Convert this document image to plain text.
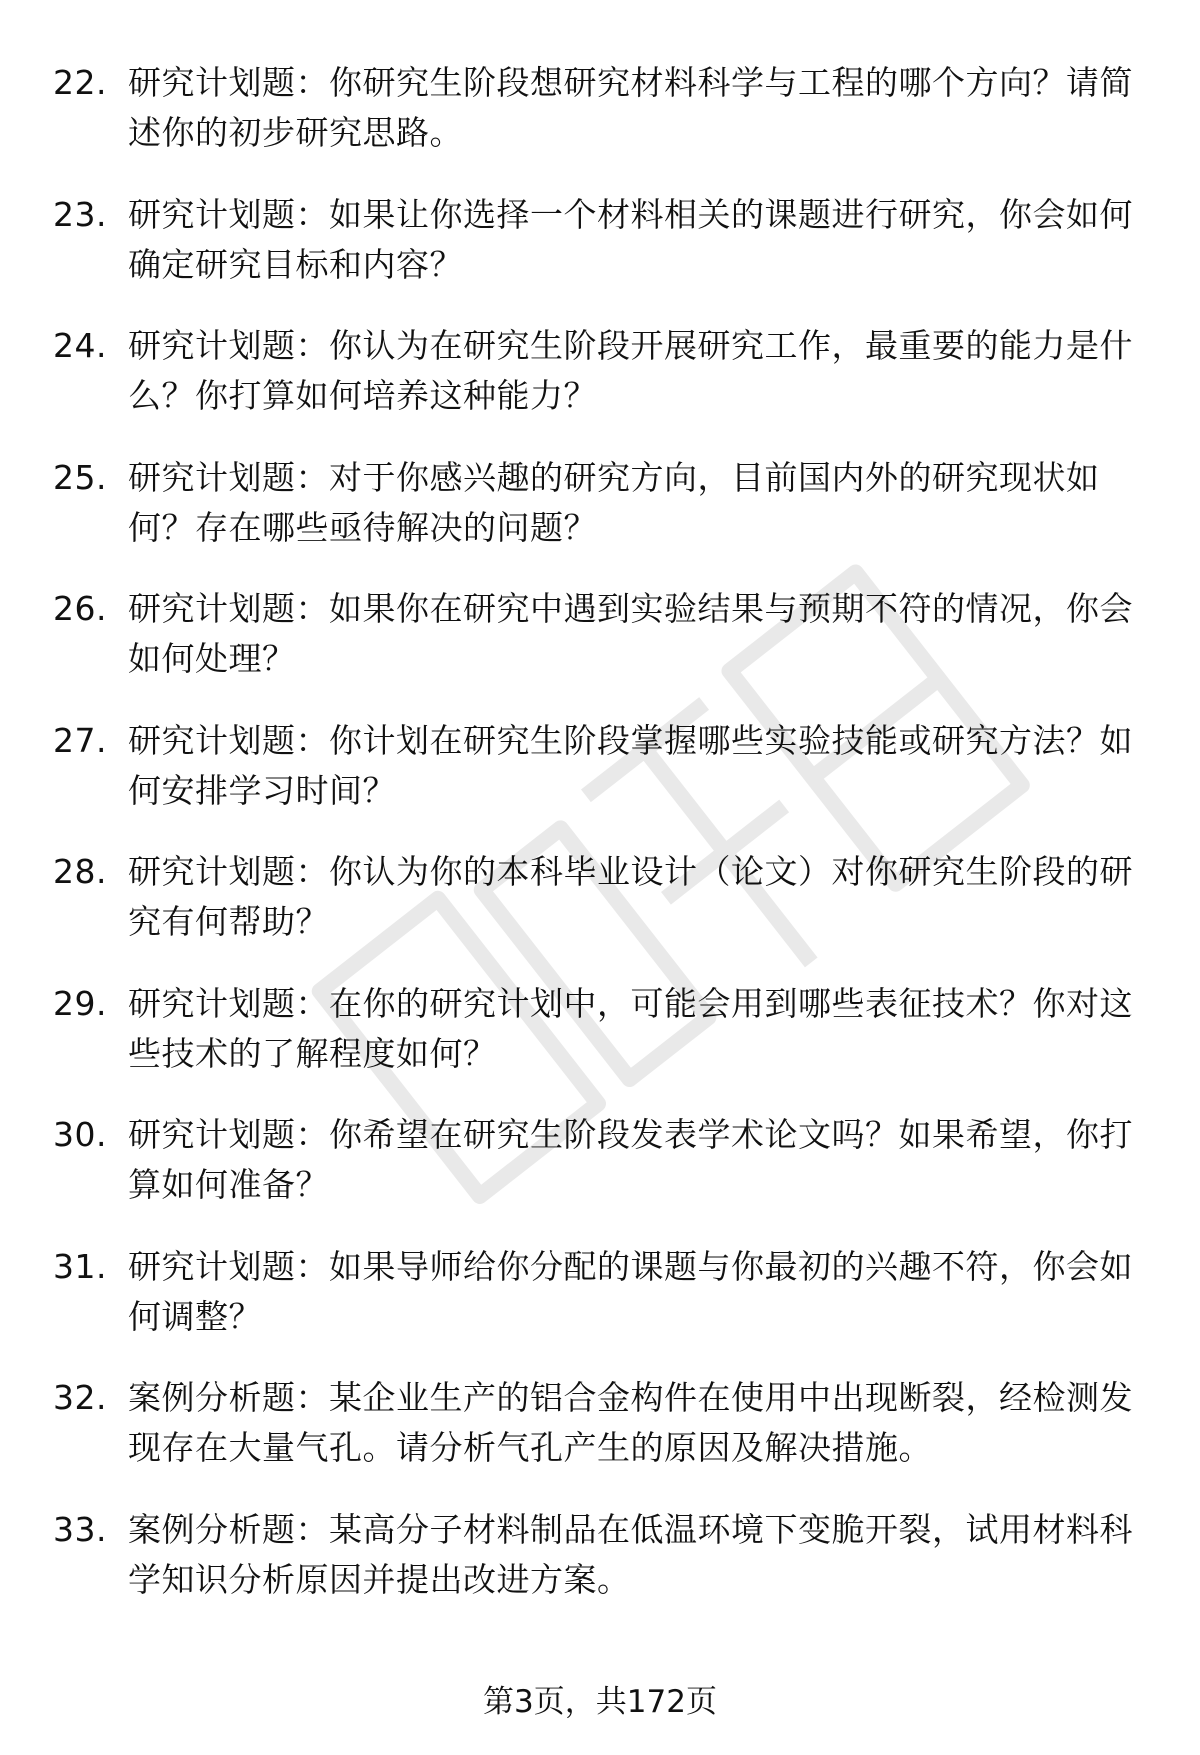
22. 研究计划题：你研究生阶段想研究材料科学与工程的哪个方向？请简述你的初步研究思路。
23. 研究计划题：如果让你选择一个材料相关的课题进行研究，你会如何确定研究目标和内容？
24. 研究计划题：你认为在研究生阶段开展研究工作，最重要的能力是什么？你打算如何培养这种能力？
25. 研究计划题：对于你感兴趣的研究方向，目前国内外的研究现状如何？存在哪些亟待解决的问题？
26. 研究计划题：如果你在研究中遇到实验结果与预期不符的情况，你会如何处理？
27. 研究计划题：你计划在研究生阶段掌握哪些实验技能或研究方法？如何安排学习时间？
28. 研究计划题：你认为你的本科毕业设计（论文）对你研究生阶段的研究有何帮助？
29. 研究计划题：在你的研究计划中，可能会用到哪些表征技术？你对这些技术的了解程度如何？
30. 研究计划题：你希望在研究生阶段发表学术论文吗？如果希望，你打算如何准备？
31. 研究计划题：如果导师给你分配的课题与你最初的兴趣不符，你会如何调整？
32. 案例分析题：某企业生产的铝合金构件在使用中出现断裂，经检测发现存在大量气孔。请分析气孔产生的原因及解决措施。
33. 案例分析题：某高分子材料制品在低温环境下变脆开裂，试用材料科学知识分析原因并提出改进方案。
第3页，共172页
